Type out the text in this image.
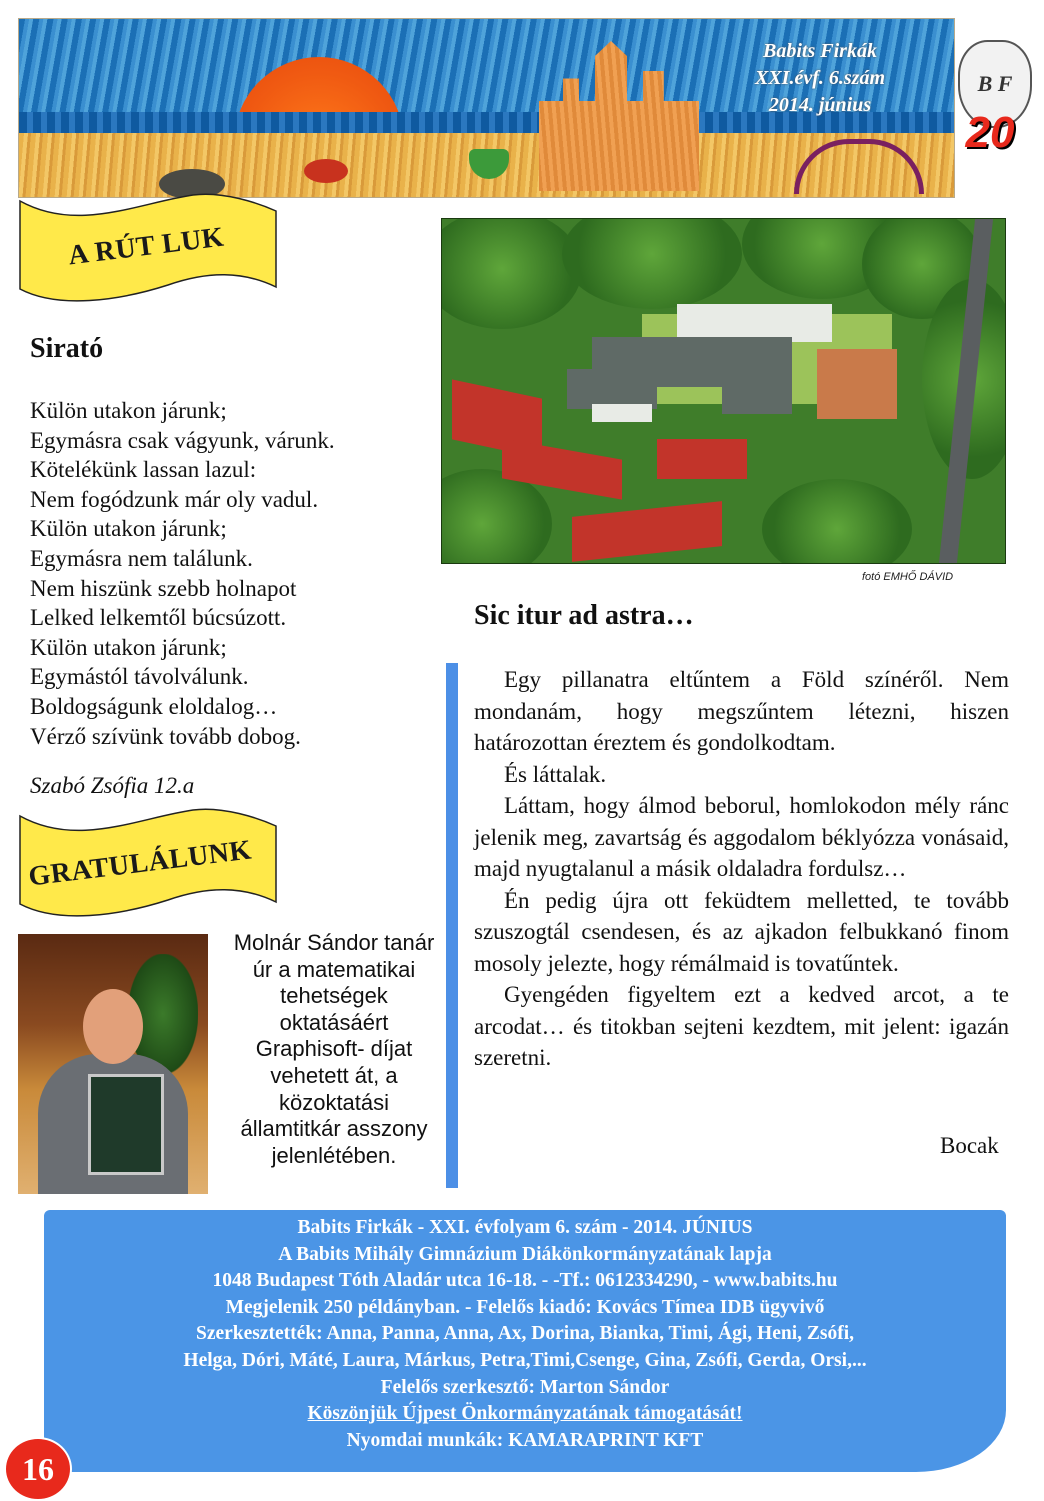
Babits Firkák
XXI.évf. 6.szám
2014. június
B F
20
A RÚT LUK
Sirató
Külön utakon járunk;
Egymásra csak vágyunk, várunk.
Kötelékünk lassan lazul:
Nem fogódzunk már oly vadul.
Külön utakon járunk;
Egymásra nem találunk.
Nem hiszünk szebb holnapot
Lelked lelkemtől búcsúzott.
Külön utakon járunk;
Egymástól távolválunk.
Boldogságunk eloldalog…
Vérző szívünk tovább dobog.
Szabó Zsófia 12.a
fotó EMHŐ DÁVID
Sic itur ad astra…

Egy pillanatra eltűntem a Föld színéről. Nem mondanám, hogy megszűntem létezni, hiszen határozottan éreztem és gondolkodtam.

És láttalak.

Láttam, hogy álmod beborul, homlokodon mély ránc jelenik meg, zavartság és aggodalom béklyózza vonásaid, majd nyugtalanul a másik oldaladra fordulsz…

Én pedig újra ott feküdtem melletted, te tovább szuszogtál csendesen, és az ajkadon felbukkanó finom mosoly jelezte, hogy rémálmaid is tovatűntek.

Gyengéden figyeltem ezt a kedved arcot, a te arcodat… és titokban sejteni kezdtem, mit jelent: igazán szeretni.

Bocak
GRATULÁLUNK
Molnár Sándor tanár
úr a matematikai
tehetségek
oktatásáért
Graphisoft- díjat
vehetett át, a
közoktatási
államtitkár asszony
jelenlétében.
Babits Firkák - XXI. évfolyam 6. szám - 2014. JÚNIUS
A Babits Mihály Gimnázium Diákönkormányzatának lapja
1048 Budapest Tóth Aladár utca 16-18. - -Tf.: 0612334290, - www.babits.hu
Megjelenik 250 példányban. - Felelős kiadó: Kovács Tímea IDB ügyvivő
Szerkesztették: Anna, Panna, Anna, Ax, Dorina, Bianka, Timi, Ági, Heni, Zsófi,
Helga, Dóri, Máté, Laura, Márkus, Petra,Timi,Csenge, Gina, Zsófi, Gerda, Orsi,...
Felelős szerkesztő: Marton Sándor
Köszönjük Újpest Önkormányzatának támogatását!
Nyomdai munkák: KAMARAPRINT KFT
16
